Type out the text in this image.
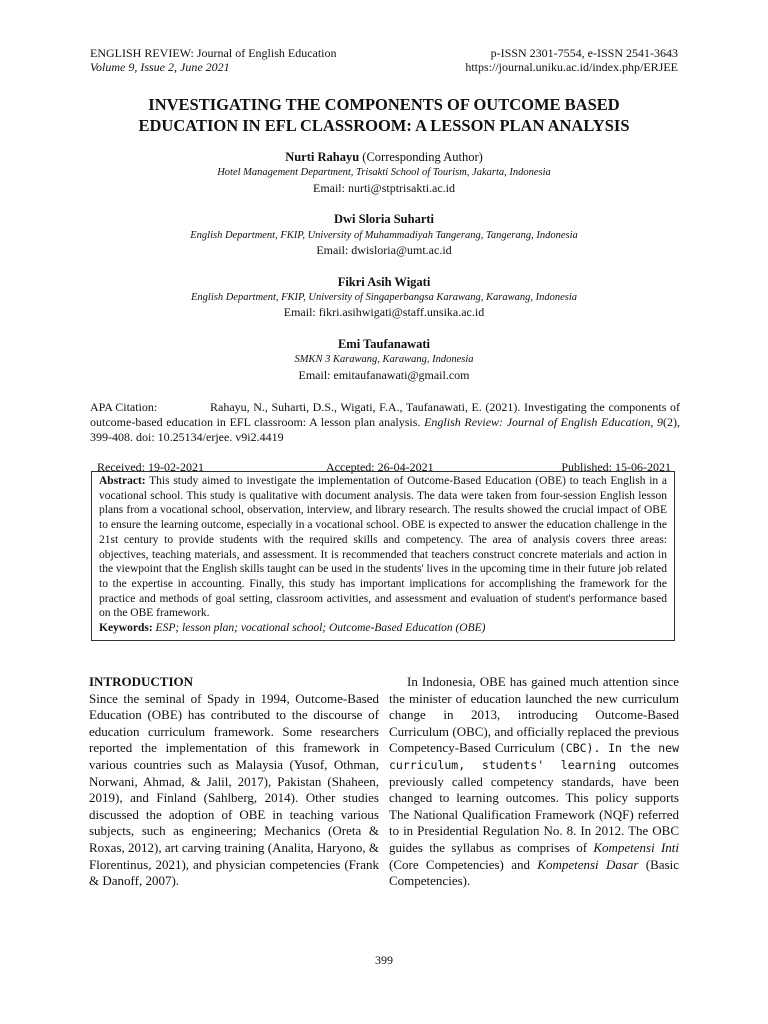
ENGLISH REVIEW: Journal of English Education
Volume 9, Issue 2, June 2021
p-ISSN 2301-7554, e-ISSN 2541-3643
https://journal.uniku.ac.id/index.php/ERJEE
INVESTIGATING THE COMPONENTS OF OUTCOME BASED
EDUCATION IN EFL CLASSROOM: A LESSON PLAN ANALYSIS
Nurti Rahayu (Corresponding Author)
Hotel Management Department, Trisakti School of Tourism, Jakarta, Indonesia
Email: nurti@stptrisakti.ac.id
Dwi Sloria Suharti
English Department, FKIP, University of Muhammadiyah Tangerang, Tangerang, Indonesia
Email: dwisloria@umt.ac.id
Fikri Asih Wigati
English Department, FKIP, University of Singaperbangsa Karawang, Karawang, Indonesia
Email: fikri.asihwigati@staff.unsika.ac.id
Emi Taufanawati
SMKN 3 Karawang, Karawang, Indonesia
Email: emitaufanawati@gmail.com
APA Citation:	Rahayu, N., Suharti, D.S., Wigati, F.A., Taufanawati, E. (2021). Investigating the components of outcome-based education in EFL classroom: A lesson plan analysis. English Review: Journal of English Education, 9(2), 399-408. doi: 10.25134/erjee. v9i2.4419
Received: 19-02-2021	Accepted: 26-04-2021	Published: 15-06-2021
Abstract: This study aimed to investigate the implementation of Outcome-Based Education (OBE) to teach English in a vocational school. This study is qualitative with document analysis. The data were taken from four-session English lesson plans from a vocational school, observation, interview, and library research. The results showed the crucial impact of OBE to ensure the learning outcome, especially in a vocational school. OBE is expected to answer the education challenge in the 21st century to provide students with the required skills and competency. The area of analysis covers three areas: objectives, teaching materials, and assessment. It is recommended that teachers construct concrete materials and action in the viewpoint that the English skills taught can be used in the students' lives in the upcoming time in their future job related to the expertise in accounting. Finally, this study has important implications for accomplishing the framework for the practice and methods of goal setting, classroom activities, and assessment and evaluation of student's performance based on the OBE framework.
Keywords: ESP; lesson plan; vocational school; Outcome-Based Education (OBE)
INTRODUCTION

Since the seminal of Spady in 1994, Outcome-Based Education (OBE) has contributed to the discourse of education curriculum framework. Some researchers reported the implementation of this framework in various countries such as Malaysia (Yusof, Othman, Norwani, Ahmad, & Jalil, 2017), Pakistan (Shaheen, 2019), and Finland (Sahlberg, 2014). Other studies discussed the adoption of OBE in teaching various subjects, such as engineering; Mechanics (Oreta & Roxas, 2012), art carving training (Analita, Haryono, & Florentinus, 2021), and physician competencies (Frank & Danoff, 2007).

In Indonesia, OBE has gained much attention since the minister of education launched the new curriculum change in 2013, introducing Outcome-Based Curriculum (OBC), and officially replaced the previous Competency-Based Curriculum (CBC). In the new curriculum, students' learning outcomes previously called competency standards, have been changed to learning outcomes. This policy supports The National Qualification Framework (NQF) referred to in Presidential Regulation No. 8. In 2012. The OBC guides the syllabus as comprises of Kompetensi Inti (Core Competencies) and Kompetensi Dasar (Basic Competencies).

399
